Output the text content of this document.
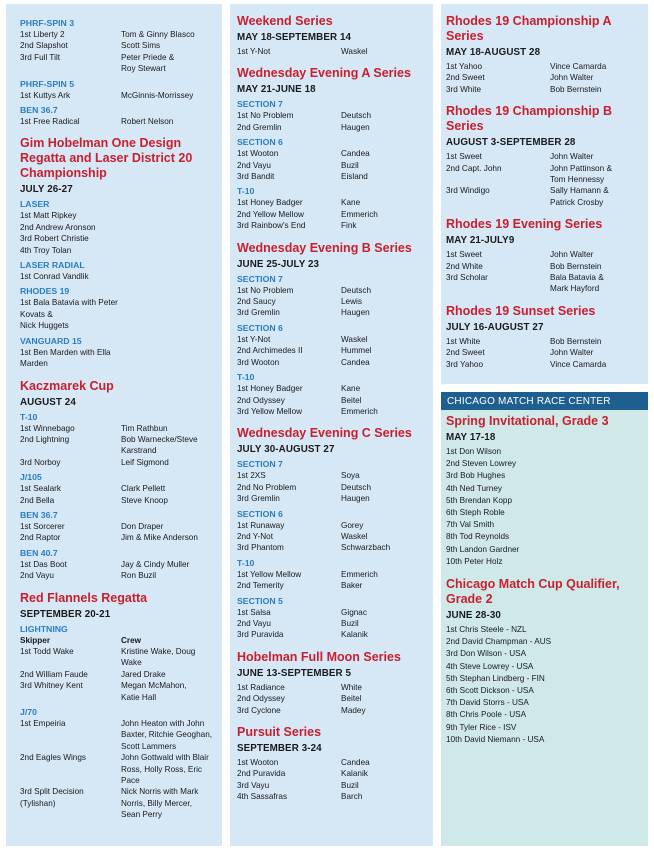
PHRF-SPIN 3
1st Liberty 2	Tom & Ginny Blasco
2nd Slapshot	Scott Sims
3rd Full Tilt	Peter Priede &
Roy Stewart
PHRF-SPIN 5
1st Kuttys Ark	McGinnis-Morrissey
BEN 36.7
1st Free Radical	Robert Nelson
Gim Hobelman One Design Regatta and Laser District 20 Championship
JULY 26-27
LASER
1st Matt Ripkey
2nd Andrew Aronson
3rd Robert Christie
4th Troy Tolan
LASER RADIAL
1st Conrad Vandlik
RHODES 19
1st Bala Batavia with Peter Kovats &
Nick Huggets
VANGUARD 15
1st Ben Marden with Ella Marden
Kaczmarek Cup
AUGUST 24
T-10
1st Winnebago	Tim Rathbun
2nd Lightning	Bob Warnecke/Steve
Karstrand
3rd Norboy	Leif Sigmond
J/105
1st Sealark	Clark Pellett
2nd Bella	Steve Knoop
BEN 36.7
1st Sorcerer	Don Draper
2nd Raptor	Jim & Mike Anderson
BEN 40.7
1st Das Boot	Jay & Cindy Muller
2nd Vayu	Ron Buzil
Red Flannels Regatta
SEPTEMBER 20-21
LIGHTNING
Skipper	Crew
1st Todd Wake	Kristine Wake, Doug Wake
2nd William Faude	Jared Drake
3rd Whitney Kent	Megan McMahon,
Katie Hall
J/70
1st Empeiria	John Heaton with John
Baxter, Ritchie Geoghan,
Scott Lammers
2nd Eagles Wings	John Gottwald with Blair
Ross, Holly Ross, Eric
Pace
3rd Split Decision (Tylishan)
Nick Norris with Mark
Norris, Billy Mercer,
Sean Perry
Weekend Series
MAY 18-SEPTEMBER 14
1st Y-Not	Waskel
Wednesday Evening A Series
MAY 21-JUNE 18
SECTION 7
1st No Problem	Deutsch
2nd Gremlin	Haugen
SECTION 6
1st Wooton	Candea
2nd Vayu	Buzil
3rd Bandit	Eisland
T-10
1st Honey Badger	Kane
2nd Yellow Mellow	Emmerich
3rd Rainbow's End	Fink
Wednesday Evening B Series
JUNE 25-JULY 23
SECTION 7
1st No Problem	Deutsch
2nd Saucy	Lewis
3rd Gremlin	Haugen
SECTION 6
1st Y-Not	Waskel
2nd Archimedes II	Hummel
3rd Wooton	Candea
T-10
1st Honey Badger	Kane
2nd Odyssey	Beitel
3rd Yellow Mellow	Emmerich
Wednesday Evening C Series
JULY 30-AUGUST 27
SECTION 7
1st 2XS	Soya
2nd No Problem	Deutsch
3rd Gremlin	Haugen
SECTION 6
1st Runaway	Gorey
2nd Y-Not	Waskel
3rd Phantom	Schwarzbach
T-10
1st Yellow Mellow	Emmerich
2nd Temerity	Baker
SECTION 5
1st Salsa	Gignac
2nd Vayu	Buzil
3rd Puravida	Kalanik
Hobelman Full Moon Series
JUNE 13-SEPTEMBER 5
1st Radiance	White
2nd Odyssey	Beitel
3rd Cyclone	Madey
Pursuit Series
SEPTEMBER 3-24
1st Wooton	Candea
2nd Puravida	Kalanik
3rd Vayu	Buzil
4th Sassafras	Barch
Rhodes 19 Championship A Series
MAY 18-AUGUST 28
1st Yahoo	Vince Camarda
2nd Sweet	John Walter
3rd White	Bob Bernstein
Rhodes 19 Championship B Series
AUGUST 3-SEPTEMBER 28
1st Sweet	John Walter
2nd Capt. John	John Pattinson &
Tom Hennessy
3rd Windigo	Sally Hamann &
Patrick Crosby
Rhodes 19 Evening Series
MAY 21-JULY9
1st Sweet	John Walter
2nd White	Bob Bernstein
3rd Scholar	Bala Batavia &
Mark Hayford
Rhodes 19 Sunset Series
JULY 16-AUGUST 27
1st White	Bob Bernstein
2nd Sweet	John Walter
3rd Yahoo	Vince Camarda
CHICAGO MATCH RACE CENTER
Spring Invitational, Grade 3
MAY 17-18
1st Don Wilson
2nd Steven Lowrey
3rd Bob Hughes
4th Ned Turney
5th Brendan Kopp
6th Steph Roble
7th Val Smith
8th Tod Reynolds
9th Landon Gardner
10th Peter Holz
Chicago Match Cup Qualifier, Grade 2
JUNE 28-30
1st Chris Steele - NZL
2nd David Champman - AUS
3rd Don Wilson - USA
4th Steve Lowrey - USA
5th Stephan Lindberg - FIN
6th Scott Dickson - USA
7th David Storrs - USA
8th Chris Poole - USA
9th Tyler Rice - ISV
10th David Niemann - USA
